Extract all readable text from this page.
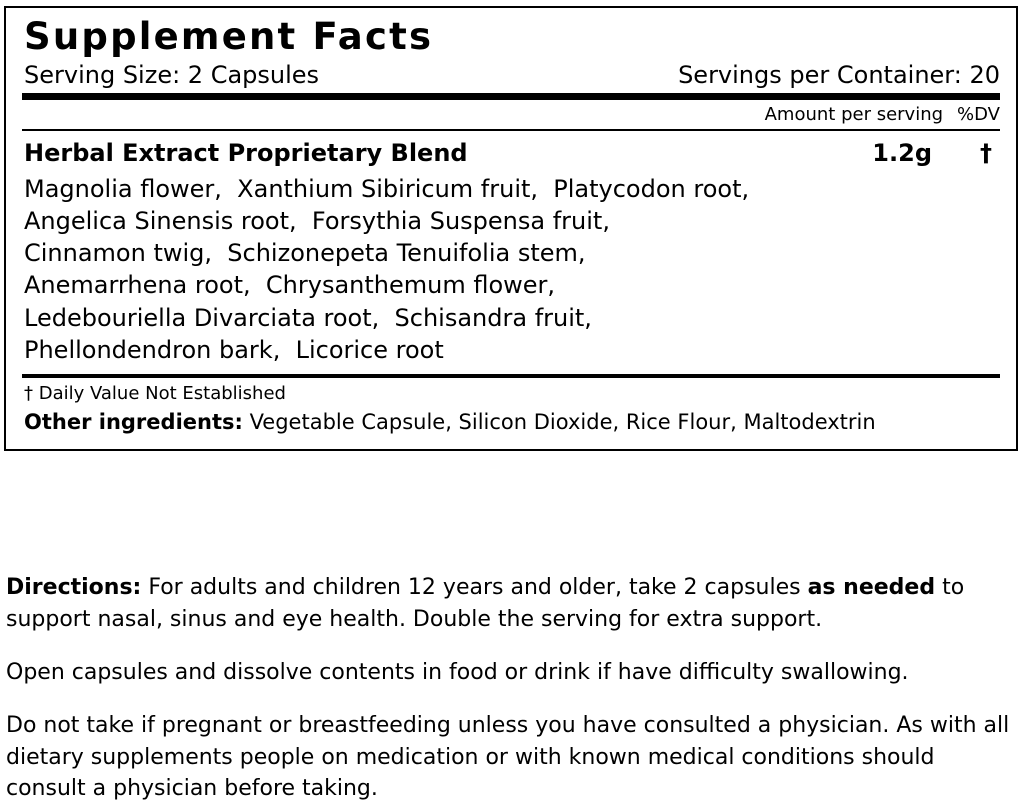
Supplement Facts
Serving Size: 2 Capsules	Servings per Container: 20
Amount per serving %DV
Herbal Extract Proprietary Blend	1.2g	†
Magnolia flower,  Xanthium Sibiricum fruit,  Platycodon root,
Angelica Sinensis root,  Forsythia Suspensa fruit,
Cinnamon twig,  Schizonepeta Tenuifolia stem,
Anemarrhena root,  Chrysanthemum flower,
Ledebouriella Divarciata root,  Schisandra fruit,
Phellondendron bark,  Licorice root
† Daily Value Not Established
Other ingredients: Vegetable Capsule, Silicon Dioxide, Rice Flour, Maltodextrin

Directions: For adults and children 12 years and older, take 2 capsules as needed to support nasal, sinus and eye health. Double the serving for extra support.

Open capsules and dissolve contents in food or drink if have difficulty swallowing.

Do not take if pregnant or breastfeeding unless you have consulted a physician. As with all dietary supplements people on medication or with known medical conditions should consult a physician before taking.
